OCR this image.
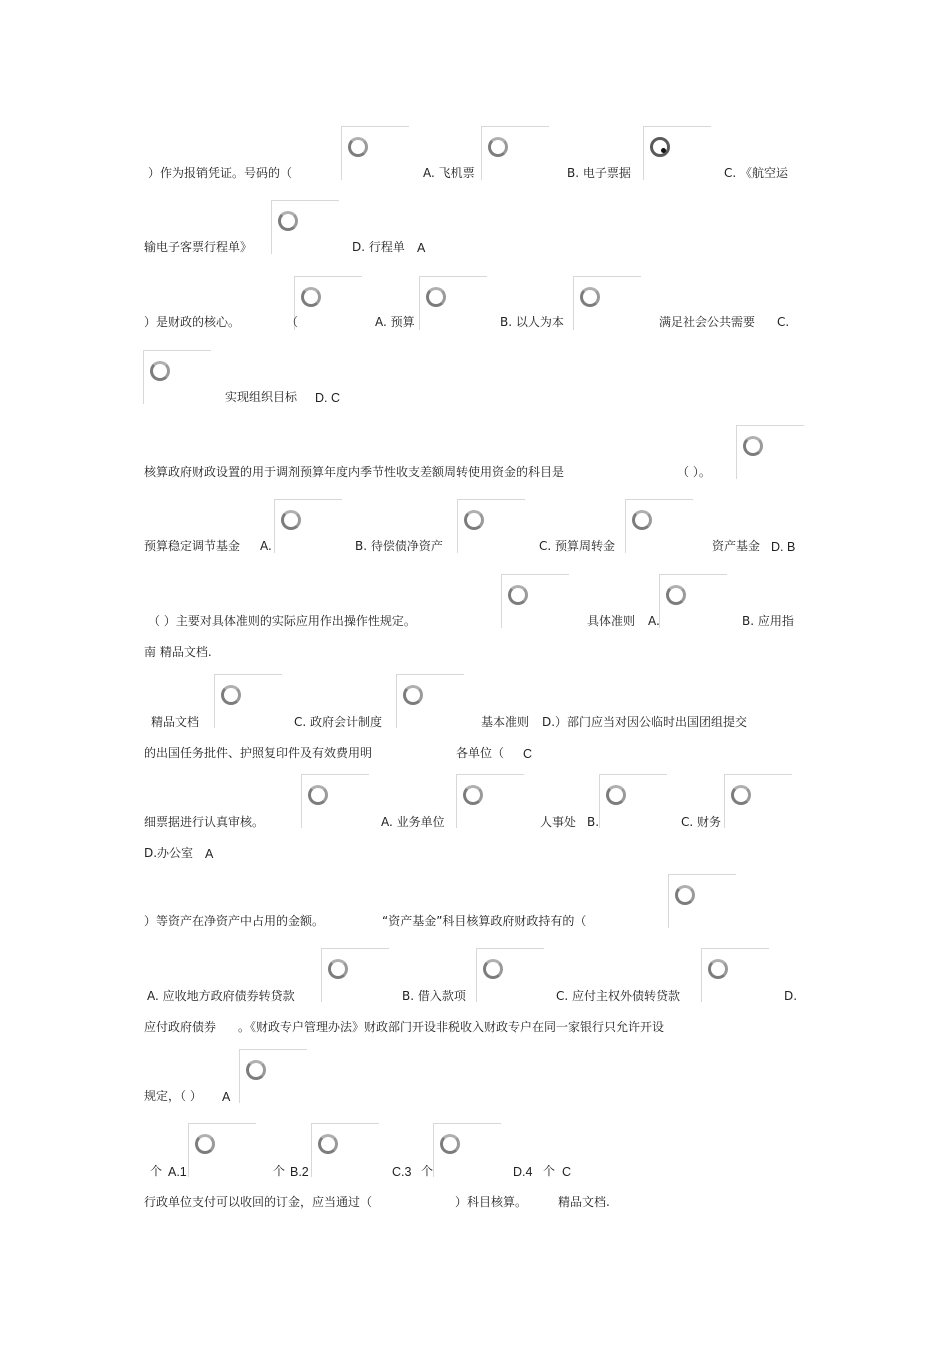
）作为报销凭证。号码的（	A. 飞机票	B. 电子票据	C. 《航空运
输电子客票行程单》	D. 行程单 A
）是财政的核心。	（	A. 预算	B. 以人为本	满足社会公共需要 C.
实现组织目标 D. C
核算政府财政设置的用于调剂预算年度内季节性收支差额周转使用资金的科目是	（ ）。
预算稳定调节基金 A.	B. 待偿债净资产	C. 预算周转金	资产基金 D. B
（ ）主要对具体准则的实际应用作出操作性规定。	具体准则 A.	B. 应用指
南 精品文档.
精品文档	C. 政府会计制度	基本准则 D.）部门应当对因公临时出国团组提交
的出国任务批件、护照复印件及有效费用明	各单位（ C
细票据进行认真审核。	A. 业务单位	人事处 B.	C. 财务
D.办公室 A
）等资产在净资产中占用的金额。	“资产基金”科目核算政府财政持有的（
A. 应收地方政府债券转贷款	B. 借入款项	C. 应付主权外债转贷款	D.
应付政府债券 。《财政专户管理办法》财政部门开设非税收入财政专户在同一家银行只允许开设
规定，（ ） A
个 A.1	个 B.2	C.3 个	D.4 个 C
行政单位支付可以收回的订金，应当通过（	）科目核算。	精品文档.
